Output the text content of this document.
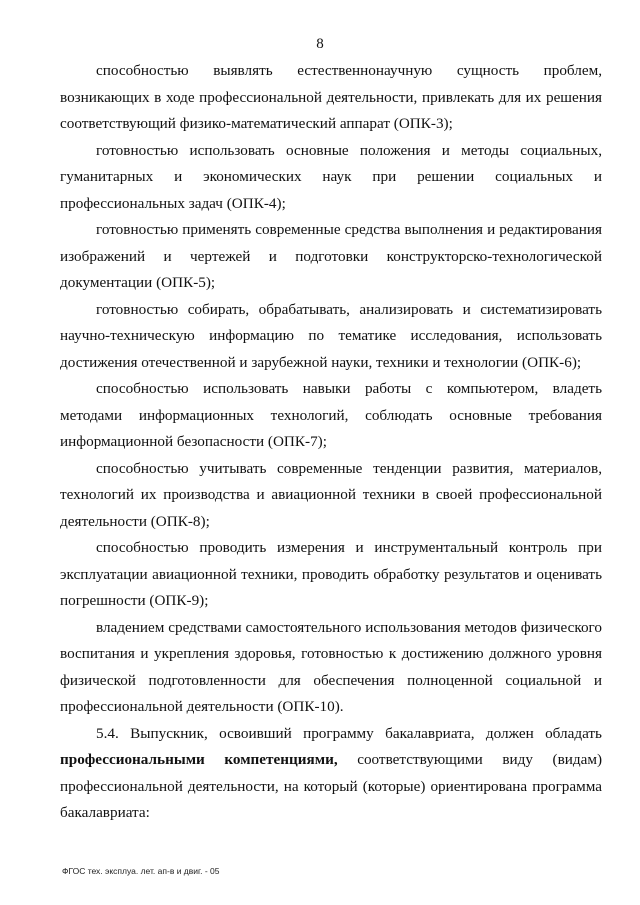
8

способностью выявлять естественнонаучную сущность проблем, возникающих в ходе профессиональной деятельности, привлекать для их решения соответствующий физико-математический аппарат (ОПК-3);

готовностью использовать основные положения и методы социальных, гуманитарных и экономических наук при решении социальных и профессиональных задач (ОПК-4);

готовностью применять современные средства выполнения и редактирования изображений и чертежей и подготовки конструкторско-технологической документации (ОПК-5);

готовностью собирать, обрабатывать, анализировать и систематизировать научно-техническую информацию по тематике исследования, использовать достижения отечественной и зарубежной науки, техники и технологии (ОПК-6);

способностью использовать навыки работы с компьютером, владеть методами информационных технологий, соблюдать основные требования информационной безопасности (ОПК-7);

способностью учитывать современные тенденции развития, материалов, технологий их производства и авиационной техники в своей профессиональной деятельности (ОПК-8);

способностью проводить измерения и инструментальный контроль при эксплуатации авиационной техники, проводить обработку результатов и оценивать погрешности (ОПК-9);

владением средствами самостоятельного использования методов физического воспитания и укрепления здоровья, готовностью к достижению должного уровня физической подготовленности для обеспечения полноценной социальной и профессиональной деятельности (ОПК-10).

5.4. Выпускник, освоивший программу бакалавриата, должен обладать профессиональными компетенциями, соответствующими виду (видам) профессиональной деятельности, на который (которые) ориентирована программа бакалавриата:

ФГОС тех. эксплуа. лет. ап-в и двиг. - 05
